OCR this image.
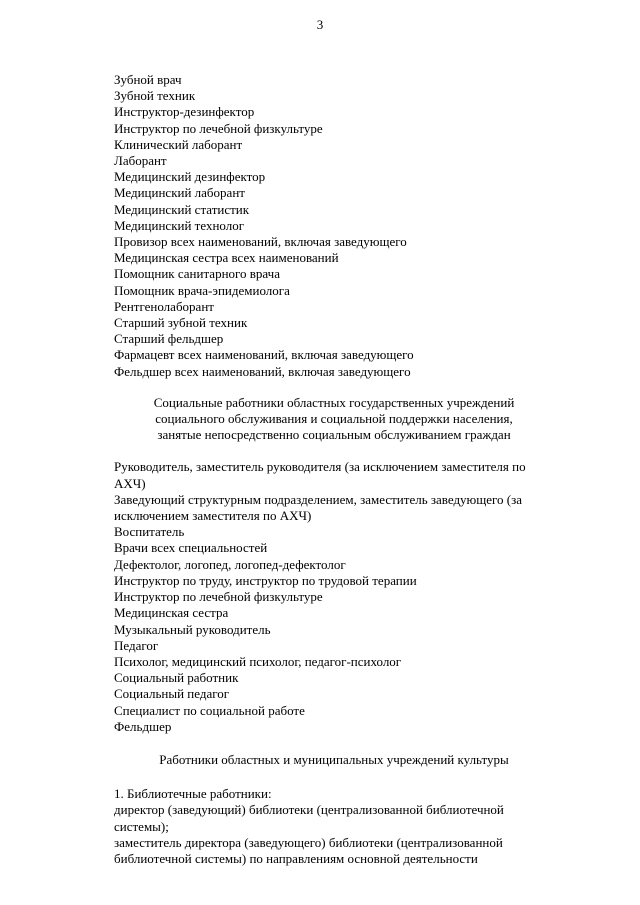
3
Зубной врач
Зубной техник
Инструктор-дезинфектор
Инструктор по лечебной физкультуре
Клинический лаборант
Лаборант
Медицинский дезинфектор
Медицинский лаборант
Медицинский статистик
Медицинский технолог
Провизор всех наименований, включая заведующего
Медицинская сестра всех наименований
Помощник санитарного врача
Помощник врача-эпидемиолога
Рентгенолаборант
Старший зубной техник
Старший фельдшер
Фармацевт всех наименований, включая заведующего
Фельдшер всех наименований, включая заведующего
Социальные работники областных государственных учреждений
социального обслуживания и социальной поддержки населения,
занятые непосредственно социальным обслуживанием граждан
Руководитель, заместитель руководителя (за исключением заместителя по АХЧ)
Заведующий структурным подразделением, заместитель заведующего (за исключением заместителя по АХЧ)
Воспитатель
Врачи всех специальностей
Дефектолог, логопед, логопед-дефектолог
Инструктор по труду, инструктор по трудовой терапии
Инструктор по лечебной физкультуре
Медицинская сестра
Музыкальный руководитель
Педагог
Психолог, медицинский психолог, педагог-психолог
Социальный работник
Социальный педагог
Специалист по социальной работе
Фельдшер
Работники областных и муниципальных учреждений культуры
1. Библиотечные работники:
директор (заведующий) библиотеки (централизованной библиотечной системы);
заместитель директора (заведующего) библиотеки (централизованной библиотечной системы) по направлениям основной деятельности
